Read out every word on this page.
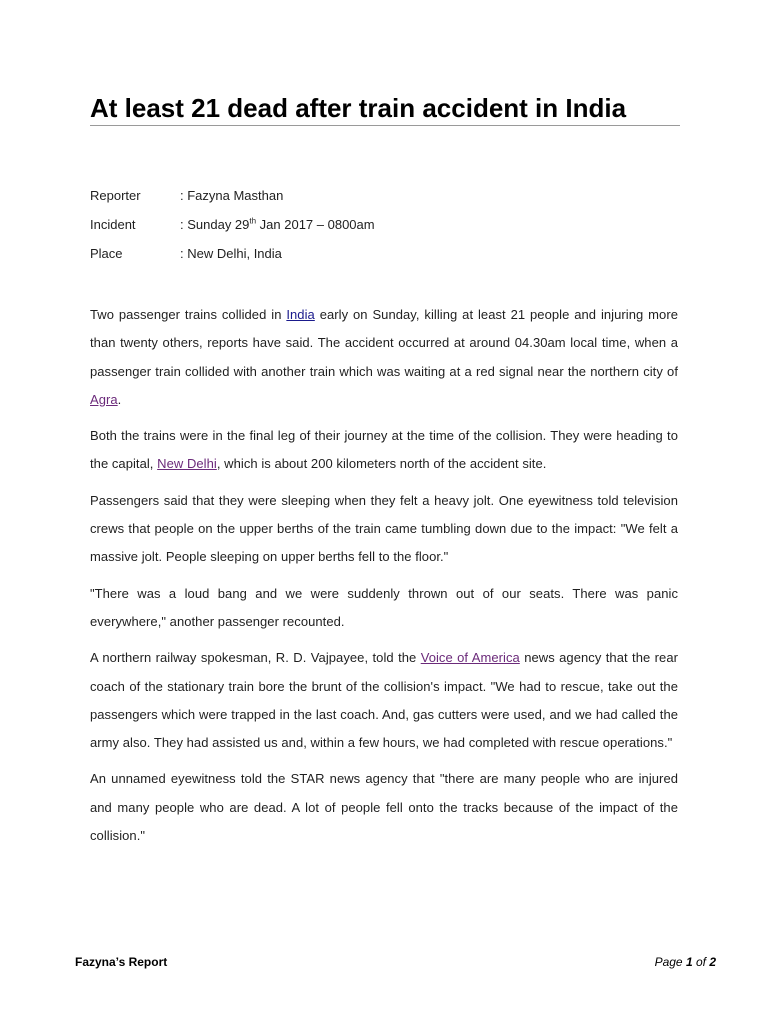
At least 21 dead after train accident in India
Reporter	: Fazyna Masthan
Incident	: Sunday 29th Jan 2017 – 0800am
Place	: New Delhi, India

Two passenger trains collided in India early on Sunday, killing at least 21 people and injuring more than twenty others, reports have said. The accident occurred at around 04.30am local time, when a passenger train collided with another train which was waiting at a red signal near the northern city of Agra.

Both the trains were in the final leg of their journey at the time of the collision. They were heading to the capital, New Delhi, which is about 200 kilometers north of the accident site.

Passengers said that they were sleeping when they felt a heavy jolt. One eyewitness told television crews that people on the upper berths of the train came tumbling down due to the impact: "We felt a massive jolt. People sleeping on upper berths fell to the floor."

"There was a loud bang and we were suddenly thrown out of our seats. There was panic everywhere," another passenger recounted.

A northern railway spokesman, R. D. Vajpayee, told the Voice of America news agency that the rear coach of the stationary train bore the brunt of the collision's impact. "We had to rescue, take out the passengers which were trapped in the last coach. And, gas cutters were used, and we had called the army also. They had assisted us and, within a few hours, we had completed with rescue operations."

An unnamed eyewitness told the STAR news agency that "there are many people who are injured and many people who are dead. A lot of people fell onto the tracks because of the impact of the collision."

Fazyna’s Report	Page 1 of 2
